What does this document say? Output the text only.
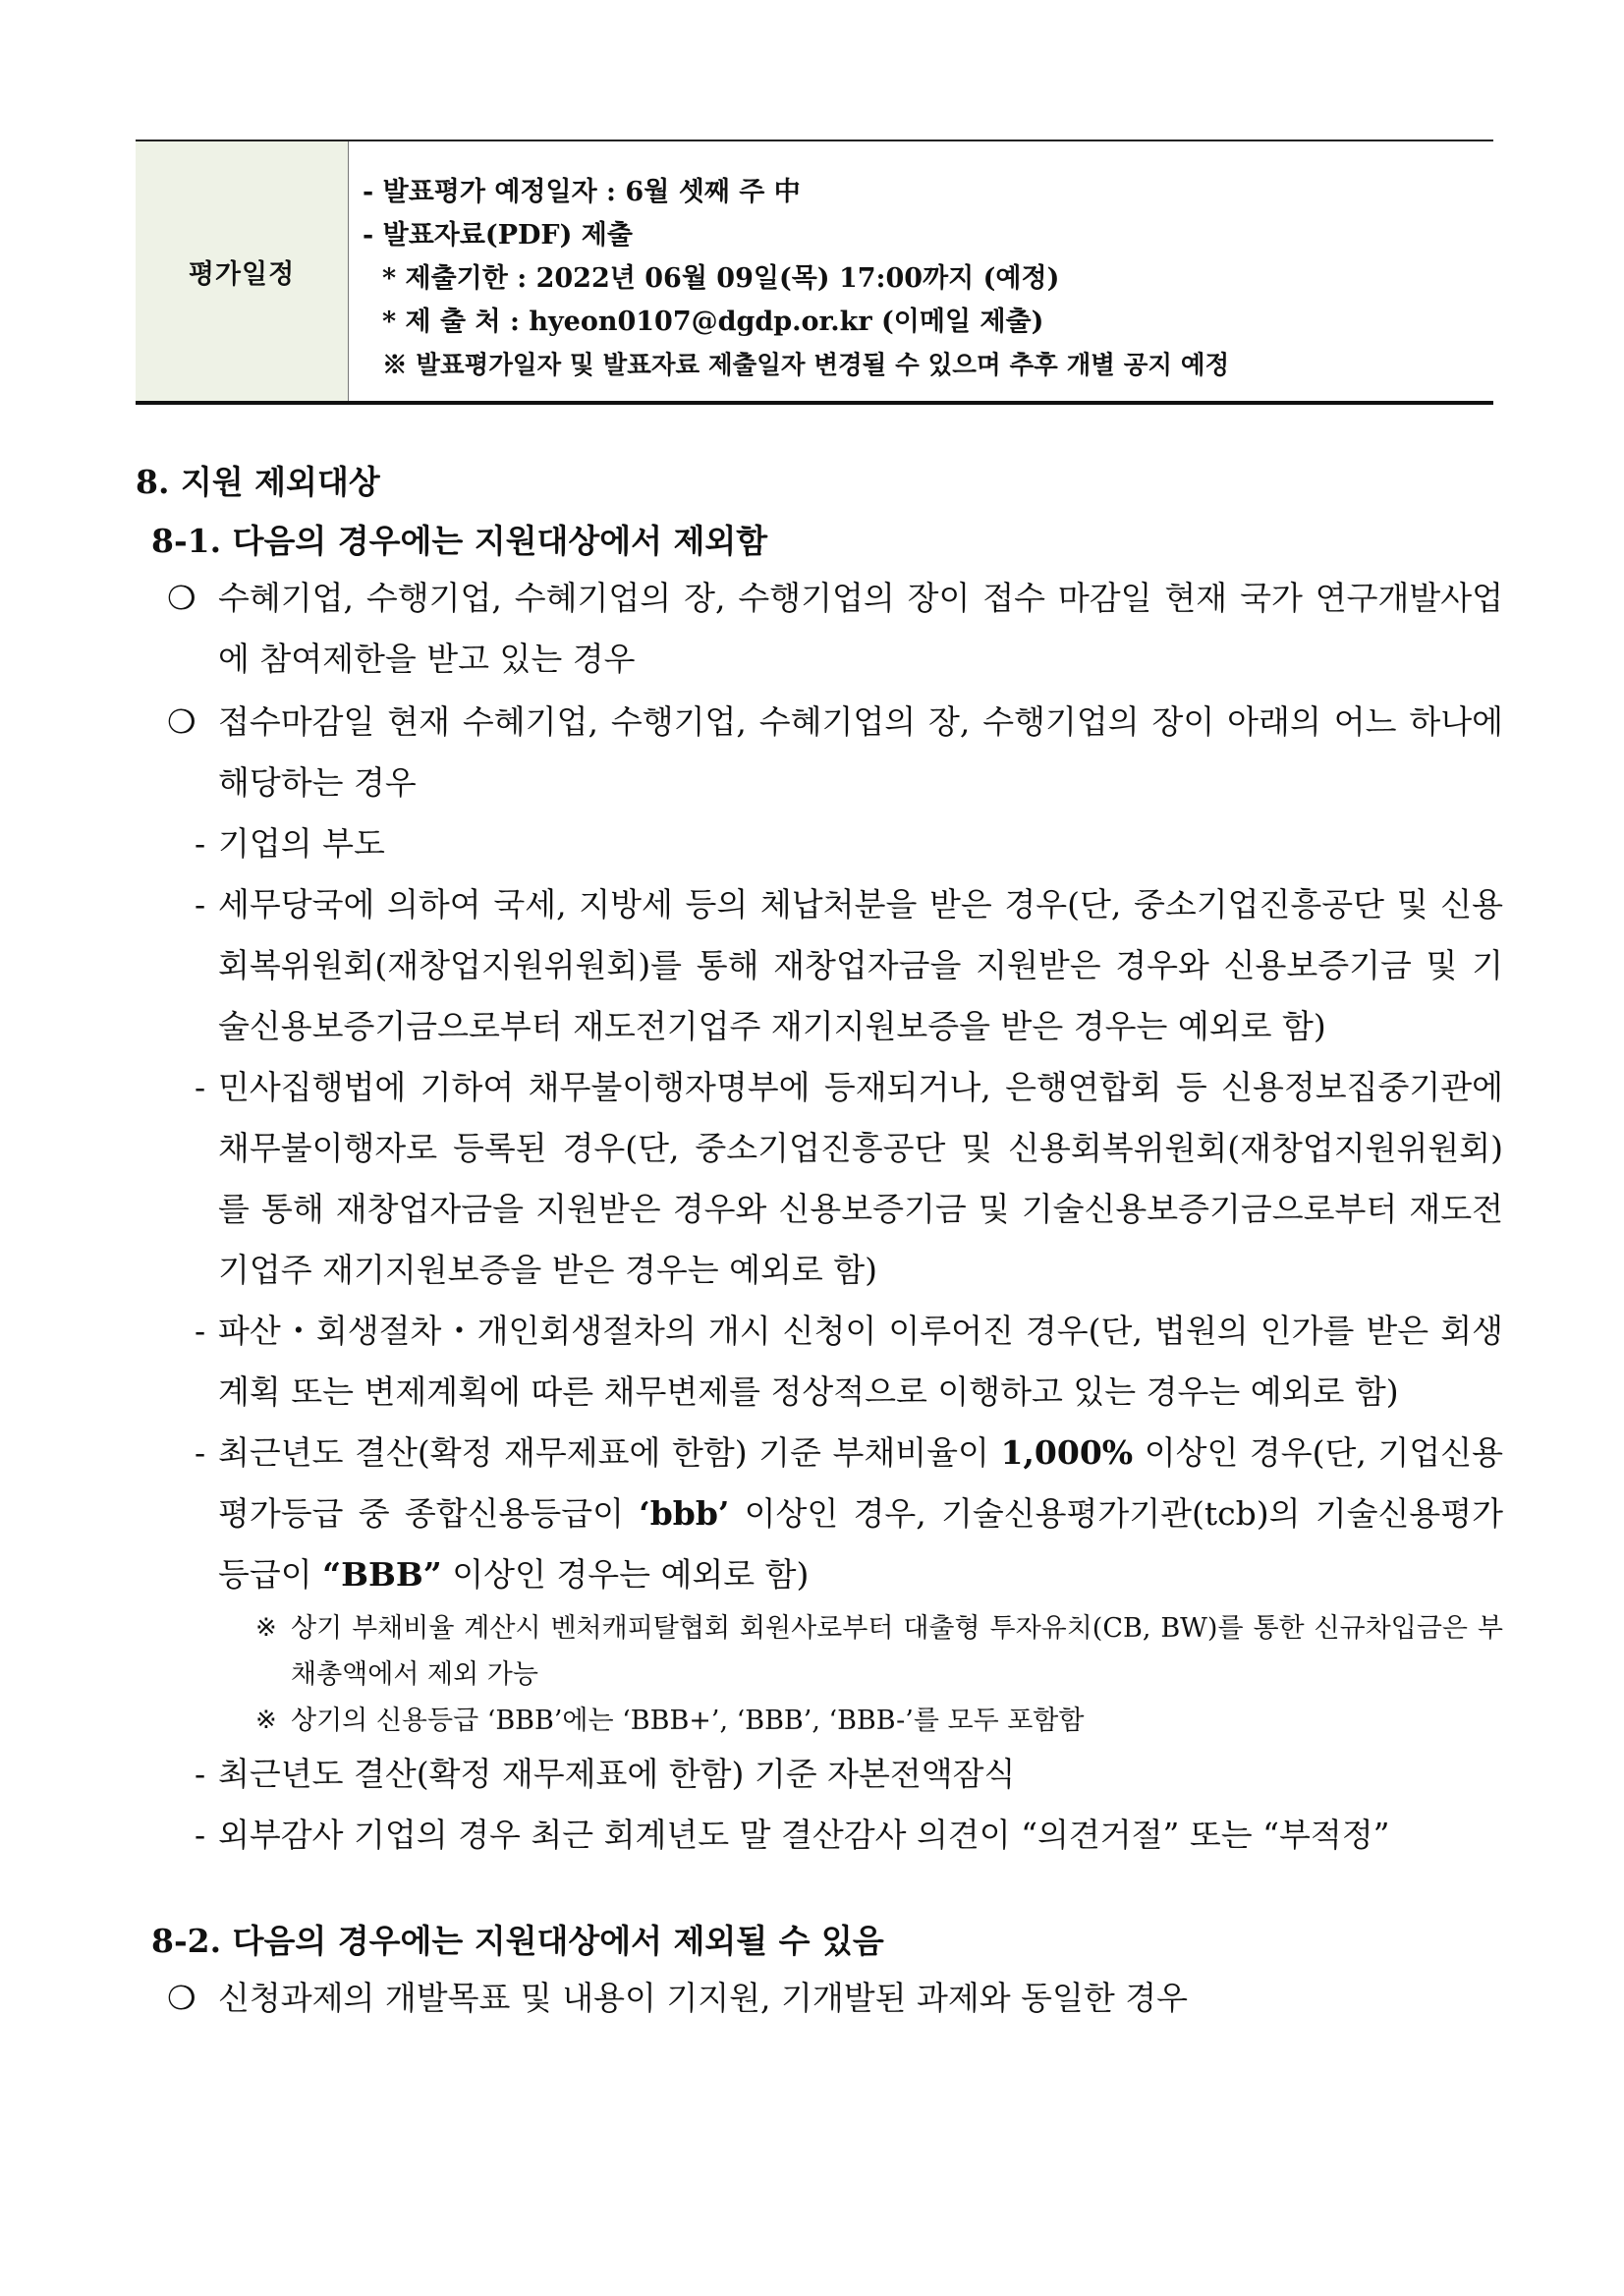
평가일정
- 발표평가 예정일자 : 6월 셋째 주 中
- 발표자료(PDF) 제출
* 제출기한 : 2022년 06월 09일(목) 17:00까지 (예정)
* 제 출 처 : hyeon0107@dgdp.or.kr (이메일 제출)
※ 발표평가일자 및 발표자료 제출일자 변경될 수 있으며 추후 개별 공지 예정
8. 지원 제외대상
8-1. 다음의 경우에는 지원대상에서 제외함
❍ 수혜기업, 수행기업, 수혜기업의 장, 수행기업의 장이 접수 마감일 현재 국가 연구개발사업에 참여제한을 받고 있는 경우
❍ 접수마감일 현재 수혜기업, 수행기업, 수혜기업의 장, 수행기업의 장이 아래의 어느 하나에 해당하는 경우
- 기업의 부도
- 세무당국에 의하여 국세, 지방세 등의 체납처분을 받은 경우(단, 중소기업진흥공단 및 신용회복위원회(재창업지원위원회)를 통해 재창업자금을 지원받은 경우와 신용보증기금 및 기술신용보증기금으로부터 재도전기업주 재기지원보증을 받은 경우는 예외로 함)
- 민사집행법에 기하여 채무불이행자명부에 등재되거나, 은행연합회 등 신용정보집중기관에 채무불이행자로 등록된 경우(단, 중소기업진흥공단 및 신용회복위원회(재창업지원위원회)를 통해 재창업자금을 지원받은 경우와 신용보증기금 및 기술신용보증기금으로부터 재도전기업주 재기지원보증을 받은 경우는 예외로 함)
- 파산・회생절차・개인회생절차의 개시 신청이 이루어진 경우(단, 법원의 인가를 받은 회생계획 또는 변제계획에 따른 채무변제를 정상적으로 이행하고 있는 경우는 예외로 함)
- 최근년도 결산(확정 재무제표에 한함) 기준 부채비율이 1,000% 이상인 경우(단, 기업신용평가등급 중 종합신용등급이 ‘bbb’ 이상인 경우, 기술신용평가기관(tcb)의 기술신용평가 등급이 “BBB” 이상인 경우는 예외로 함)
※ 상기 부채비율 계산시 벤처캐피탈협회 회원사로부터 대출형 투자유치(CB, BW)를 통한 신규차입금은 부채총액에서 제외 가능
※ 상기의 신용등급 ‘BBB’에는 ‘BBB+’, ‘BBB’, ‘BBB-’를 모두 포함함
- 최근년도 결산(확정 재무제표에 한함) 기준 자본전액잠식
- 외부감사 기업의 경우 최근 회계년도 말 결산감사 의견이 “의견거절” 또는 “부적정”
8-2. 다음의 경우에는 지원대상에서 제외될 수 있음
❍ 신청과제의 개발목표 및 내용이 기지원, 기개발된 과제와 동일한 경우
